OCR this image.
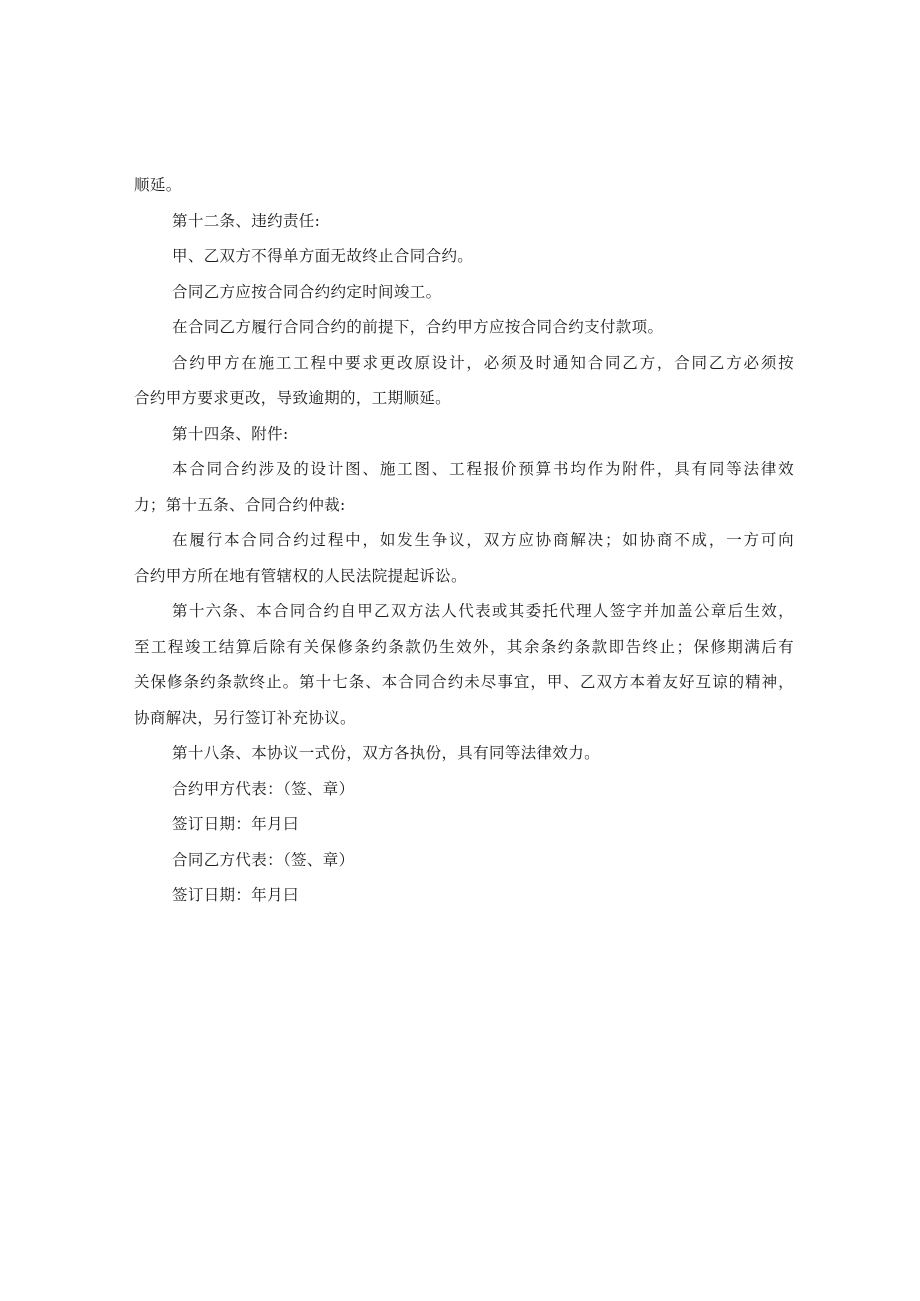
顺延。
第十二条、违约责任:
甲、乙双方不得单方面无故终止合同合约。
合同乙方应按合同合约约定时间竣工。
在合同乙方履行合同合约的前提下，合约甲方应按合同合约支付款项。
合约甲方在施工工程中要求更改原设计，必须及时通知合同乙方，合同乙方必须按
合约甲方要求更改，导致逾期的，工期顺延。
第十四条、附件:
本合同合约涉及的设计图、施工图、工程报价预算书均作为附件，具有同等法律效
力；第十五条、合同合约仲裁:
在履行本合同合约过程中，如发生争议，双方应协商解决；如协商不成，一方可向
合约甲方所在地有管辖权的人民法院提起诉讼。
第十六条、本合同合约自甲乙双方法人代表或其委托代理人签字并加盖公章后生效，
至工程竣工结算后除有关保修条约条款仍生效外，其余条约条款即告终止；保修期满后有
关保修条约条款终止。第十七条、本合同合约未尽事宜，甲、乙双方本着友好互谅的精神，
协商解决，另行签订补充协议。
第十八条、本协议一式份，双方各执份，具有同等法律效力。
合约甲方代表：（签、章）
签订日期：年月曰
合同乙方代表：（签、章）
签订日期：年月曰
